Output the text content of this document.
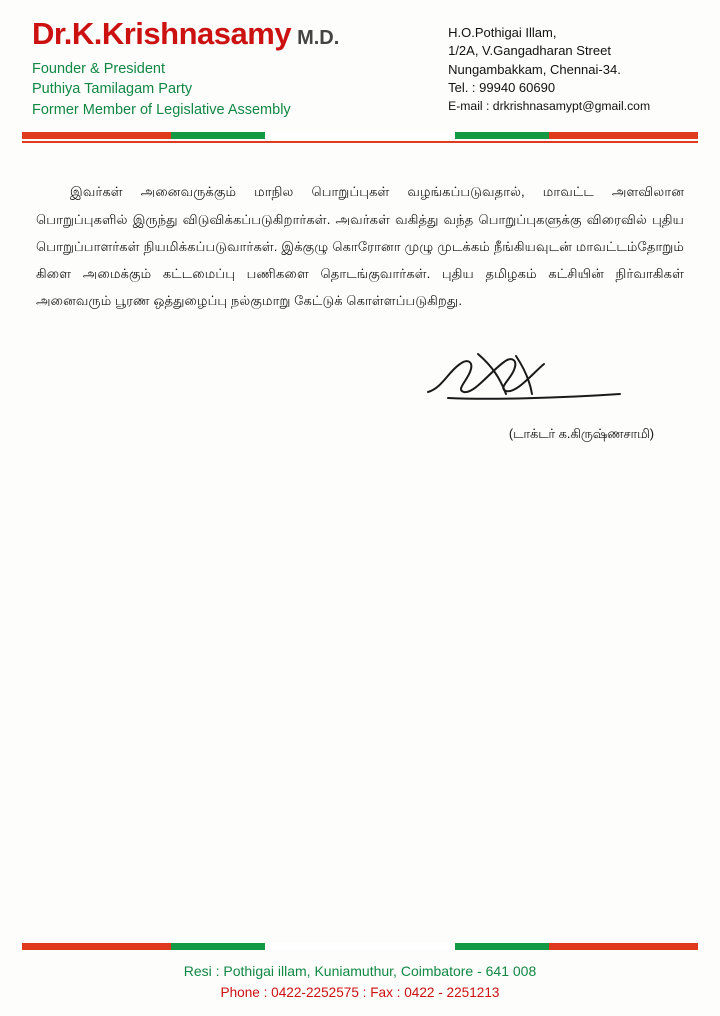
Dr.K.Krishnasamy M.D.
Founder & President
Puthiya Tamilagam Party
Former Member of Legislative Assembly
H.O.Pothigai Illam,
1/2A, V.Gangadharan Street
Nungambakkam, Chennai-34.
Tel. : 99940 60690
E-mail : drkrishnasamypt@gmail.com

இவர்கள் அனைவருக்கும் மாநில பொறுப்புகள் வழங்கப்படுவதால், மாவட்ட அளவிலான பொறுப்புகளில் இருந்து விடுவிக்கப்படுகிறார்கள். அவர்கள் வகித்து வந்த பொறுப்புகளுக்கு விரைவில் புதிய பொறுப்பாளர்கள் நியமிக்கப்படுவார்கள். இக்குழு கொரோனா முழு முடக்கம் நீங்கியவுடன் மாவட்டம்தோறும் கிளை அமைக்கும் கட்டமைப்பு பணிகளை தொடங்குவார்கள். புதிய தமிழகம் கட்சியின் நிர்வாகிகள் அனைவரும் பூரண ஒத்துழைப்பு நல்குமாறு கேட்டுக் கொள்ளப்படுகிறது.

(டாக்டர் க.கிருஷ்ணசாமி)
Resi : Pothigai illam, Kuniamuthur, Coimbatore - 641 008
Phone : 0422-2252575 : Fax : 0422 - 2251213
